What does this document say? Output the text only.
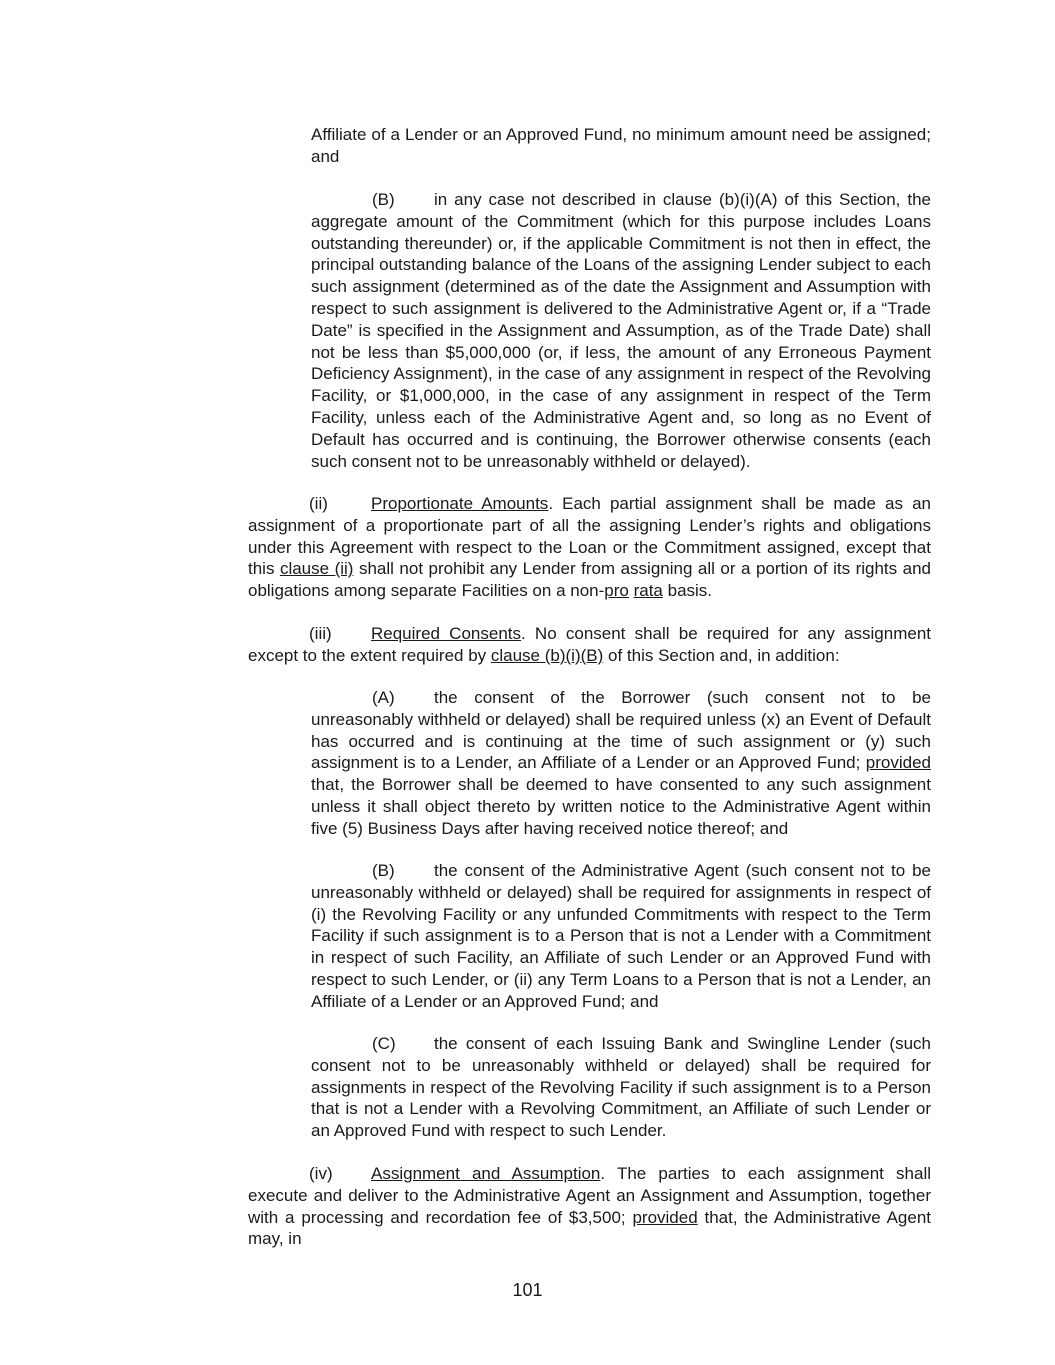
Affiliate of a Lender or an Approved Fund, no minimum amount need be assigned; and

(B) in any case not described in clause (b)(i)(A) of this Section, the aggregate amount of the Commitment (which for this purpose includes Loans outstanding thereunder) or, if the applicable Commitment is not then in effect, the principal outstanding balance of the Loans of the assigning Lender subject to each such assignment (determined as of the date the Assignment and Assumption with respect to such assignment is delivered to the Administrative Agent or, if a “Trade Date” is specified in the Assignment and Assumption, as of the Trade Date) shall not be less than $5,000,000 (or, if less, the amount of any Erroneous Payment Deficiency Assignment), in the case of any assignment in respect of the Revolving Facility, or $1,000,000, in the case of any assignment in respect of the Term Facility, unless each of the Administrative Agent and, so long as no Event of Default has occurred and is continuing, the Borrower otherwise consents (each such consent not to be unreasonably withheld or delayed).

(ii)	Proportionate Amounts. Each partial assignment shall be made as an assignment of a proportionate part of all the assigning Lender’s rights and obligations under this Agreement with respect to the Loan or the Commitment assigned, except that this clause (ii) shall not prohibit any Lender from assigning all or a portion of its rights and obligations among separate Facilities on a non-pro rata basis.

(iii) Required Consents. No consent shall be required for any assignment except to the extent required by clause (b)(i)(B) of this Section and, in addition:

(A) the consent of the Borrower (such consent not to be unreasonably withheld or delayed) shall be required unless (x) an Event of Default has occurred and is continuing at the time of such assignment or (y) such assignment is to a Lender, an Affiliate of a Lender or an Approved Fund; provided that, the Borrower shall be deemed to have consented to any such assignment unless it shall object thereto by written notice to the Administrative Agent within five (5) Business Days after having received notice thereof; and

(B) the consent of the Administrative Agent (such consent not to be unreasonably withheld or delayed) shall be required for assignments in respect of (i) the Revolving Facility or any unfunded Commitments with respect to the Term Facility if such assignment is to a Person that is not a Lender with a Commitment in respect of such Facility, an Affiliate of such Lender or an Approved Fund with respect to such Lender, or (ii) any Term Loans to a Person that is not a Lender, an Affiliate of a Lender or an Approved Fund; and

(C) the consent of each Issuing Bank and Swingline Lender (such consent not to be unreasonably withheld or delayed) shall be required for assignments in respect of the Revolving Facility if such assignment is to a Person that is not a Lender with a Revolving Commitment, an Affiliate of such Lender or an Approved Fund with respect to such Lender.

(iv) Assignment and Assumption. The parties to each assignment shall execute and deliver to the Administrative Agent an Assignment and Assumption, together with a processing and recordation fee of $3,500; provided that, the Administrative Agent may, in

101
